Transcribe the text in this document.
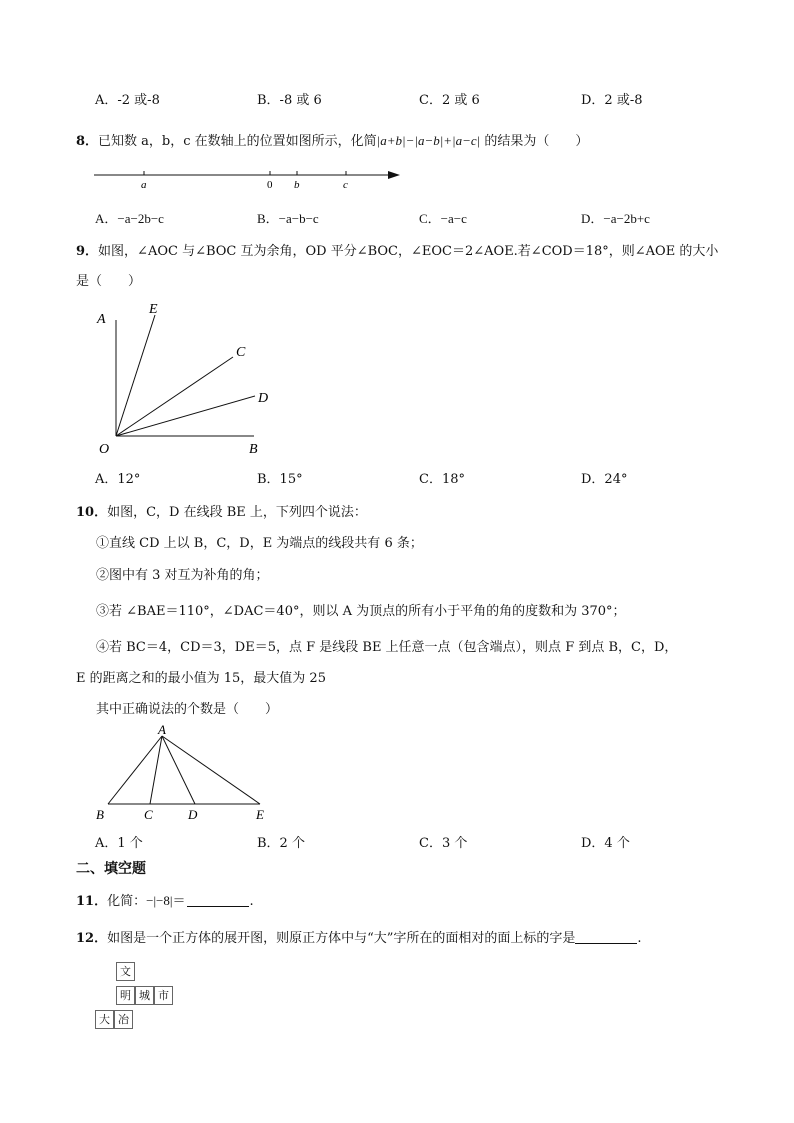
A．-2 或-8	B．-8 或 6	C．2 或 6	D．2 或-8
8．已知数 a，b，c 在数轴上的位置如图所示，化简|a+b|−|a−b|+|a−c| 的结果为（　　）
a	0 b	c
A．−a−2b−c	B．−a−b−c	C．−a−c	D．−a−2b+c
9．如图，∠AOC 与∠BOC 互为余角，OD 平分∠BOC，∠EOC＝2∠AOE.若∠COD＝18°，则∠AOE 的大小
是（　　）
A
E
C
D
O	B
A．12°	B．15°	C．18°	D．24°
10．如图，C，D 在线段 BE 上，下列四个说法：
①直线 CD 上以 B，C，D，E 为端点的线段共有 6 条；
②图中有 3 对互为补角的角；
③若 ∠BAE＝110°，∠DAC＝40°，则以 A 为顶点的所有小于平角的角的度数和为 370°；
④若 BC＝4，CD＝3，DE＝5，点 F 是线段 BE 上任意一点（包含端点），则点 F 到点 B，C，D，
E 的距离之和的最小值为 15，最大值为 25
其中正确说法的个数是（　　）
A
B	C	D	E
A．1 个	B．2 个	C．3 个	D．4 个
二、填空题
11．化简：−|−8|＝	.
12．如图是一个正方体的展开图，则原正方体中与“大”字所在的面相对的面上标的字是	.
文
明 城 市
大 冶
